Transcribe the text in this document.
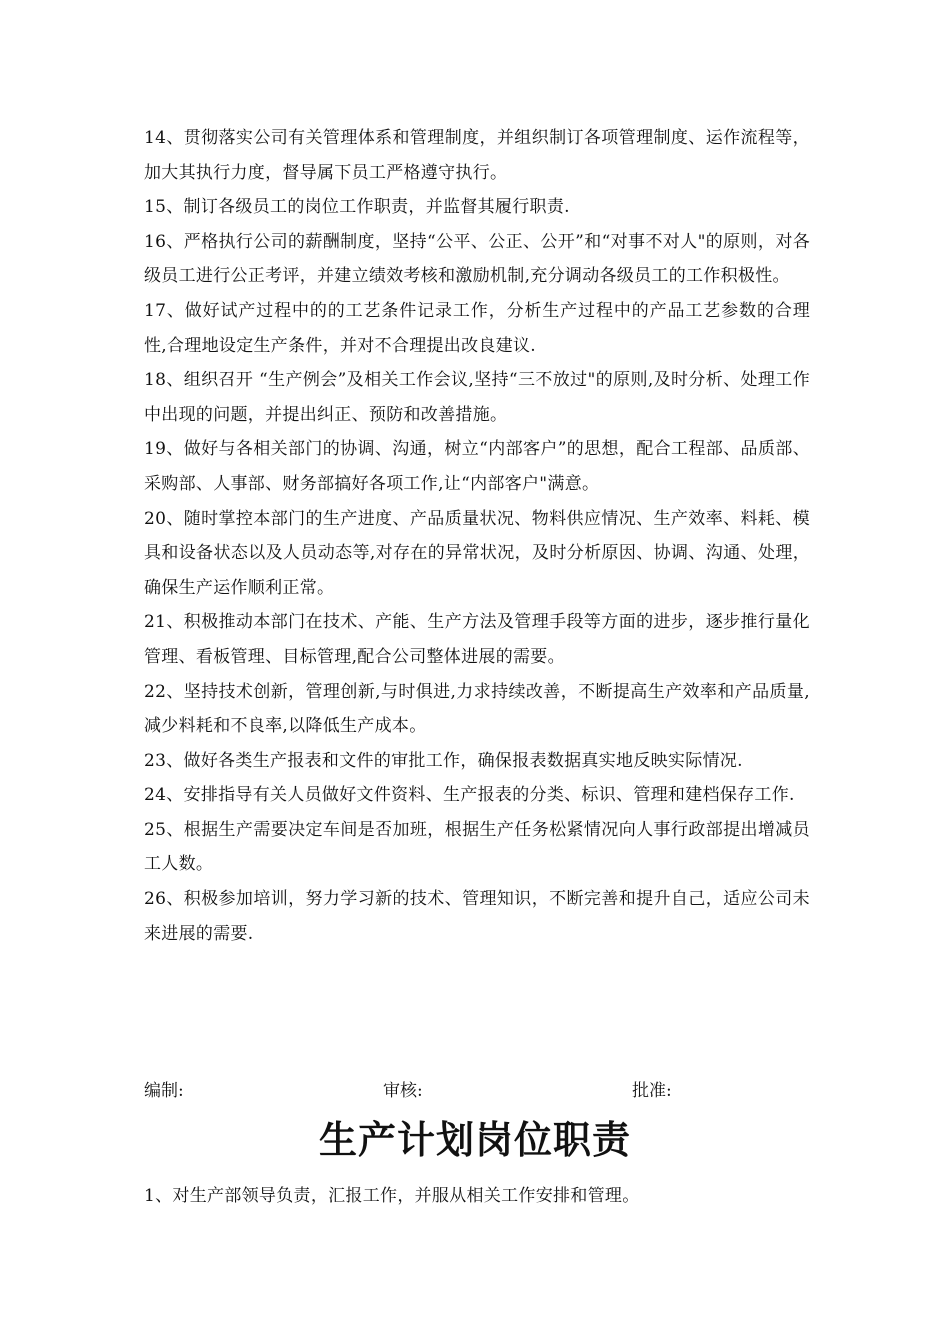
14、贯彻落实公司有关管理体系和管理制度，并组织制订各项管理制度、运作流程等，加大其执行力度，督导属下员工严格遵守执行。

15、制订各级员工的岗位工作职责，并监督其履行职责.

16、严格执行公司的薪酬制度，坚持“公平、公正、公开”和“对事不对人"的原则，对各级员工进行公正考评，并建立绩效考核和激励机制,充分调动各级员工的工作积极性。

17、做好试产过程中的的工艺条件记录工作，分析生产过程中的产品工艺参数的合理性,合理地设定生产条件，并对不合理提出改良建议.

18、组织召开 “生产例会”及相关工作会议,坚持“三不放过"的原则,及时分析、处理工作中出现的问题，并提出纠正、预防和改善措施。

19、做好与各相关部门的协调、沟通，树立“内部客户”的思想，配合工程部、品质部、采购部、人事部、财务部搞好各项工作,让“内部客户"满意。

20、随时掌控本部门的生产进度、产品质量状况、物料供应情况、生产效率、料耗、模具和设备状态以及人员动态等,对存在的异常状况，及时分析原因、协调、沟通、处理，确保生产运作顺利正常。

21、积极推动本部门在技术、产能、生产方法及管理手段等方面的进步，逐步推行量化管理、看板管理、目标管理,配合公司整体进展的需要。

22、坚持技术创新，管理创新,与时俱进,力求持续改善，不断提高生产效率和产品质量,减少料耗和不良率,以降低生产成本。

23、做好各类生产报表和文件的审批工作，确保报表数据真实地反映实际情况.

24、安排指导有关人员做好文件资料、生产报表的分类、标识、管理和建档保存工作.

25、根据生产需要决定车间是否加班，根据生产任务松紧情况向人事行政部提出增减员工人数。

26、积极参加培训，努力学习新的技术、管理知识，不断完善和提升自己，适应公司未来进展的需要.

编制:	审核:	批准:
生产计划岗位职责

1、对生产部领导负责，汇报工作，并服从相关工作安排和管理。
